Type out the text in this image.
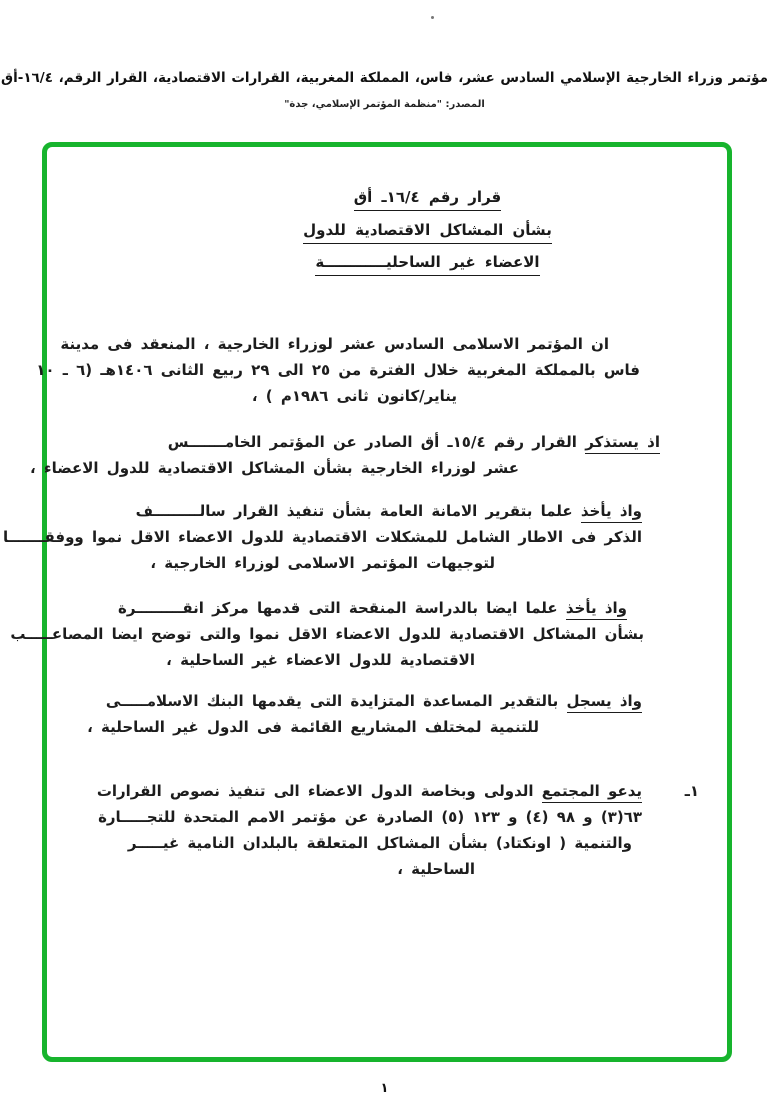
مؤتمر وزراء الخارجية الإسلامي السادس عشر، فاس، المملكة المغربية، القرارات الاقتصادية، القرار الرقم، ١٦/٤-أق
المصدر: "منظمة المؤتمر الإسلامي، جدة"
قرار رقم ١٦/٤ـ أق
بشأن المشاكل الاقتصادية للدول
الاعضاء غير الساحليــــــــــــة
ان المؤتمر الاسلامى السادس عشر لوزراء الخارجية ، المنعقد فى مدينة
فاس بالمملكة المغربية خلال الفترة من ٢٥ الى ٢٩ ربيع الثانى ١٤٠٦هـ (٦ ـ ١٠
يناير/كانون ثانى ١٩٨٦م ) ،
اذ يستذكر القرار رقم ١٥/٤ـ أق الصادر عن المؤتمر الخامـــــــس
عشر لوزراء الخارجية بشأن المشاكل الاقتصادية للدول الاعضاء ،
واذ يأخذ علما بتقرير الامانة العامة بشأن تنفيذ القرار سالـــــــــف
الذكر فى الاطار الشامل للمشكلات الاقتصادية للدول الاعضاء الاقل نموا ووفقـــــــا
لتوجيهات المؤتمر الاسلامى لوزراء الخارجية ،
واذ يأخذ علما ايضا بالدراسة المنقحة التى قدمها مركز انقـــــــــرة
بشأن المشاكل الاقتصادية للدول الاعضاء الاقل نموا والتى توضح ايضا المصاعـــــب
الاقتصادية للدول الاعضاء غير الساحلية ،
واذ يسجل بالتقدير المساعدة المتزايدة التى يقدمها البنك الاسلامـــــى
للتنمية لمختلف المشاريع القائمة فى الدول غير الساحلية ،
١ـ
يدعو المجتمع الدولى وبخاصة الدول الاعضاء الى تنفيذ نصوص القرارات
٦٣(٣) و ٩٨ (٤) و ١٢٣ (٥) الصادرة عن مؤتمر الامم المتحدة للتجـــــارة
والتنمية ( اونكتاد) بشأن المشاكل المتعلقة بالبلدان النامية غيـــــر
الساحلية ،
١
